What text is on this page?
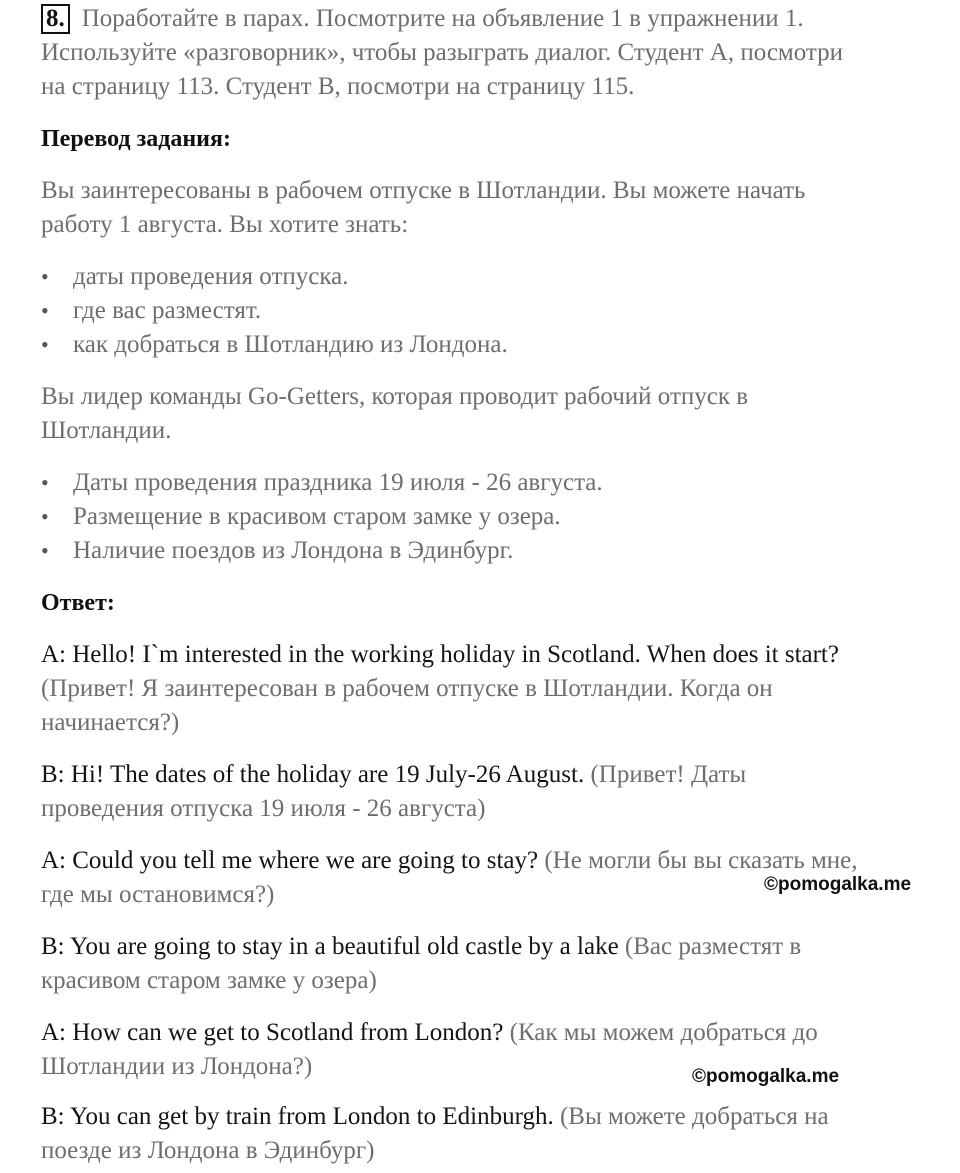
8. Поработайте в парах. Посмотрите на объявление 1 в упражнении 1.
Используйте «разговорник», чтобы разыграть диалог. Студент А, посмотри
на страницу 113. Студент В, посмотри на страницу 115.
Перевод задания:
Вы заинтересованы в рабочем отпуске в Шотландии. Вы можете начать
работу 1 августа. Вы хотите знать:
• даты проведения отпуска.
• где вас разместят.
• как добраться в Шотландию из Лондона.
Вы лидер команды Go-Getters, которая проводит рабочий отпуск в
Шотландии.
• Даты проведения праздника 19 июля - 26 августа.
• Размещение в красивом старом замке у озера.
• Наличие поездов из Лондона в Эдинбург.
Ответ:
A: Hello! I`m interested in the working holiday in Scotland. When does it start?
(Привет! Я заинтересован в рабочем отпуске в Шотландии. Когда он
начинается?)
B: Hi! The dates of the holiday are 19 July-26 August. (Привет! Даты
проведения отпуска 19 июля - 26 августа)
A: Could you tell me where we are going to stay? (Не могли бы вы сказать мне,
где мы остановимся?)	©pomogalka.me
B: You are going to stay in a beautiful old castle by a lake (Вас разместят в
красивом старом замке у озера)
A: How can we get to Scotland from London? (Как мы можем добраться до
Шотландии из Лондона?)	©pomogalka.me
B: You can get by train from London to Edinburgh. (Вы можете добраться на
поезде из Лондона в Эдинбург)
